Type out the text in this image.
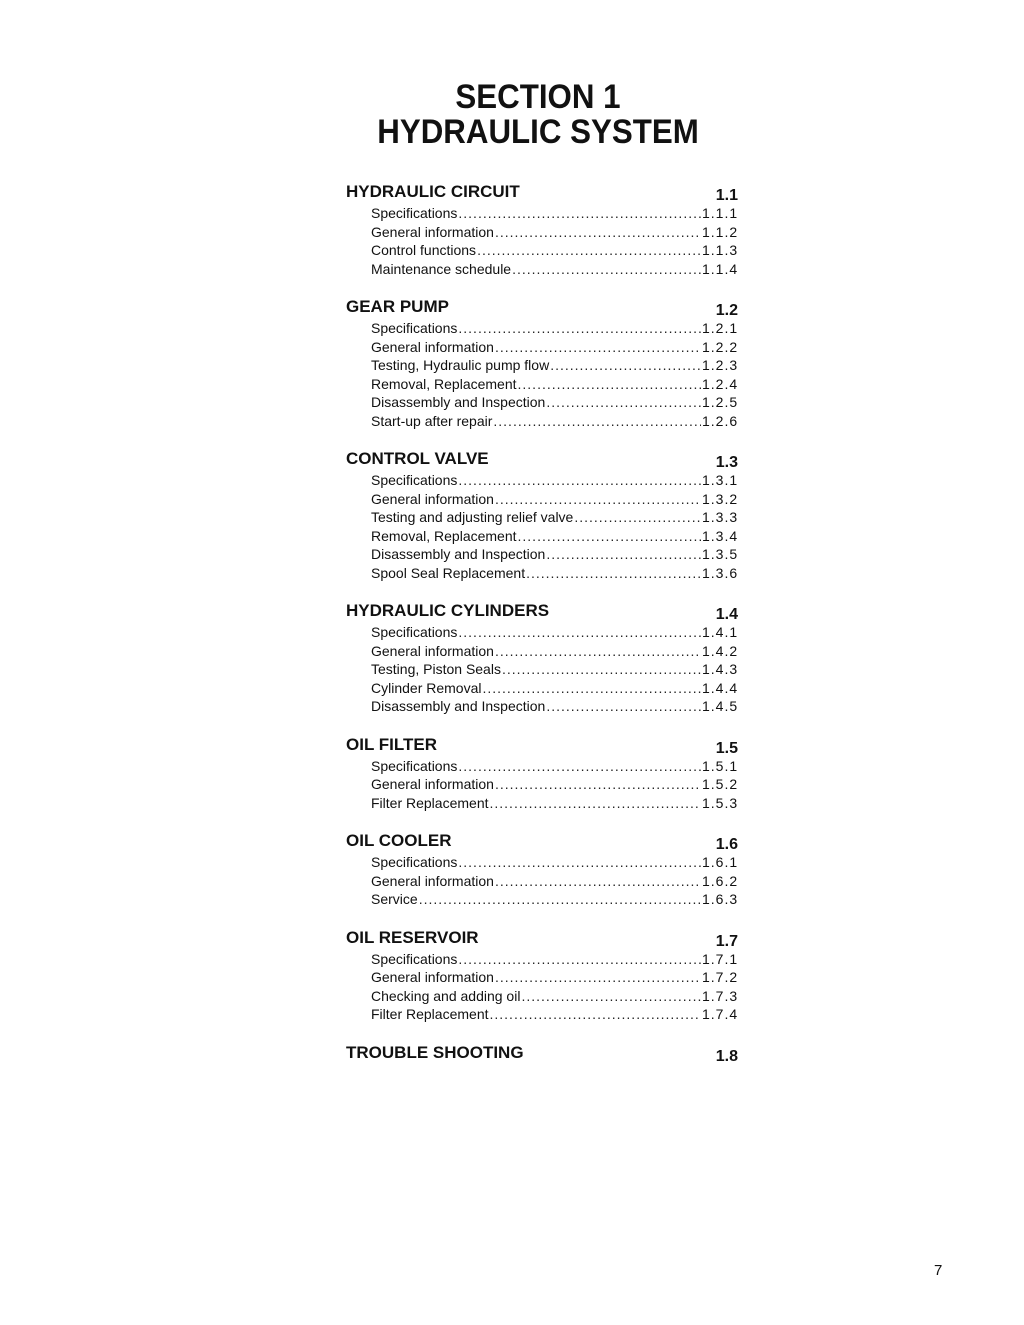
SECTION 1
HYDRAULIC SYSTEM
HYDRAULIC CIRCUIT	1.1
Specifications .....	1.1.1
General information .....	1.1.2
Control functions .....	1.1.3
Maintenance schedule .....	1.1.4
GEAR PUMP	1.2
Specifications .....	1.2.1
General information .....	1.2.2
Testing, Hydraulic pump flow .....	1.2.3
Removal, Replacement .....	1.2.4
Disassembly and Inspection .....	1.2.5
Start-up after repair .....	1.2.6
CONTROL VALVE	1.3
Specifications .....	1.3.1
General information .....	1.3.2
Testing and adjusting relief valve .....	1.3.3
Removal, Replacement .....	1.3.4
Disassembly and Inspection .....	1.3.5
Spool Seal Replacement .....	1.3.6
HYDRAULIC CYLINDERS	1.4
Specifications .....	1.4.1
General information .....	1.4.2
Testing, Piston Seals .....	1.4.3
Cylinder Removal .....	1.4.4
Disassembly and Inspection .....	1.4.5
OIL FILTER	1.5
Specifications .....	1.5.1
General information .....	1.5.2
Filter Replacement .....	1.5.3
OIL COOLER	1.6
Specifications .....	1.6.1
General information .....	1.6.2
Service .....	1.6.3
OIL RESERVOIR	1.7
Specifications .....	1.7.1
General information .....	1.7.2
Checking and adding oil .....	1.7.3
Filter Replacement .....	1.7.4
TROUBLE SHOOTING	1.8
7
